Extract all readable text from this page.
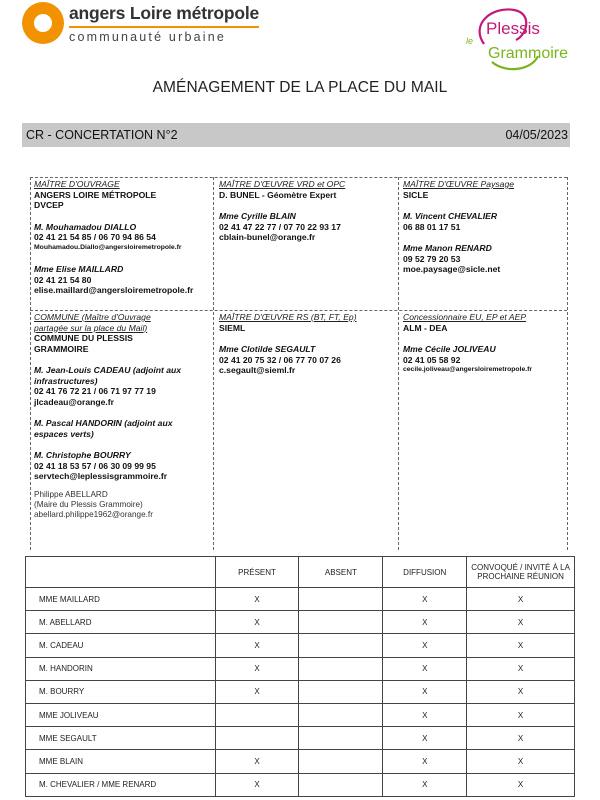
angers Loire métropole
communauté urbaine	le
Plessis
Grammoire
AMÉNAGEMENT DE LA PLACE DU MAIL
CR - CONCERTATION N°2	04/05/2023
MAÎTRE D'OUVRAGE
ANGERS LOIRE MÉTROPOLE
DVCEP
M. Mouhamadou DIALLO
02 41 21 54 85 / 06 70 94 86 54
Mouhamadou.Diallo@angersloiremetropole.fr
Mme Elise MAILLARD
02 41 21 54 80
elise.maillard@angersloiremetropole.fr
MAÎTRE D'ŒUVRE VRD et OPC
D. BUNEL - Géomètre Expert
Mme Cyrille BLAIN
02 41 47 22 77 / 07 70 22 93 17
cblain-bunel@orange.fr
MAÎTRE D'ŒUVRE Paysage
SICLE
M. Vincent CHEVALIER
06 88 01 17 51
Mme Manon RENARD
09 52 79 20 53
moe.paysage@sicle.net
COMMUNE (Maître d'Ouvrage
partagée sur la place du Mail)
COMMUNE DU PLESSIS
GRAMMOIRE
M. Jean-Louis CADEAU (adjoint aux
infrastructures)
02 41 76 72 21 / 06 71 97 77 19
jlcadeau@orange.fr
M. Pascal HANDORIN (adjoint aux
espaces verts)
M. Christophe BOURRY
02 41 18 53 57 / 06 30 09 99 95
servtech@leplessisgrammoire.fr
Philippe ABELLARD
(Maire du Plessis Grammoire)
abellard.philippe1962@orange.fr
MAÎTRE D'ŒUVRE RS (BT, FT, Ep)
SIEML
Mme Clotilde SEGAULT
02 41 20 75 32 / 06 77 70 07 26
c.segault@sieml.fr
Concessionnaire EU, EP et AEP
ALM - DEA
Mme Cécile JOLIVEAU
02 41 05 58 92
cecile.joliveau@angersloiremetropole.fr
	PRÉSENT	ABSENT	DIFFUSION	CONVOQUÉ / INVITÉ À LA PROCHAINE RÉUNION
MME MAILLARD	X		X	X
M. ABELLARD	X		X	X
M. CADEAU	X		X	X
M. HANDORIN	X		X	X
M. BOURRY	X		X	X
MME JOLIVEAU			X	X
MME SEGAULT			X	X
MME BLAIN	X		X	X
M. CHEVALIER / MME RENARD	X		X	X
